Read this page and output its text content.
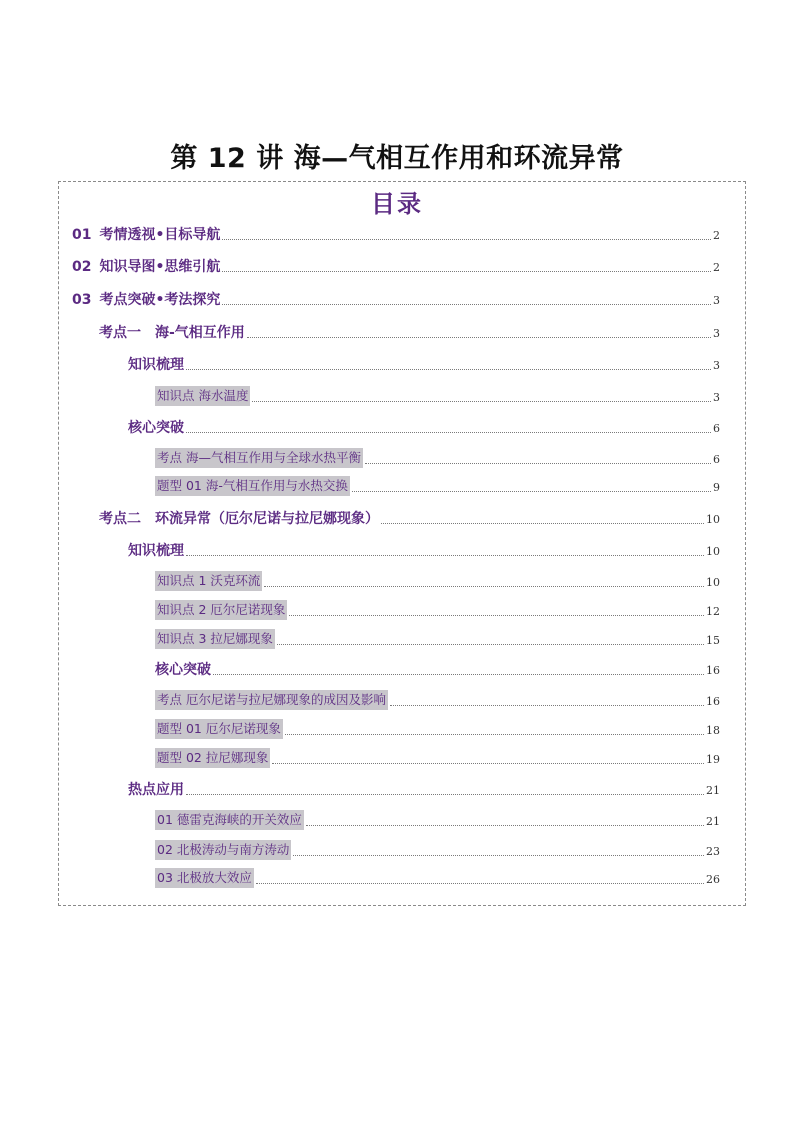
第 12 讲 海—气相互作用和环流异常
目录
01 考情透视•目标导航	2
02 知识导图•思维引航	2
03 考点突破•考法探究	3
考点一　海-气相互作用	3
知识梳理	3
知识点 海水温度	3
核心突破	6
考点 海—气相互作用与全球水热平衡	6
题型 01 海-气相互作用与水热交换	9
考点二　环流异常（厄尔尼诺与拉尼娜现象）	10
知识梳理	10
知识点 1 沃克环流	10
知识点 2 厄尔尼诺现象	12
知识点 3 拉尼娜现象	15
核心突破	16
考点 厄尔尼诺与拉尼娜现象的成因及影响	16
题型 01 厄尔尼诺现象	18
题型 02 拉尼娜现象	19
热点应用	21
01 德雷克海峡的开关效应	21
02 北极涛动与南方涛动	23
03 北极放大效应	26
